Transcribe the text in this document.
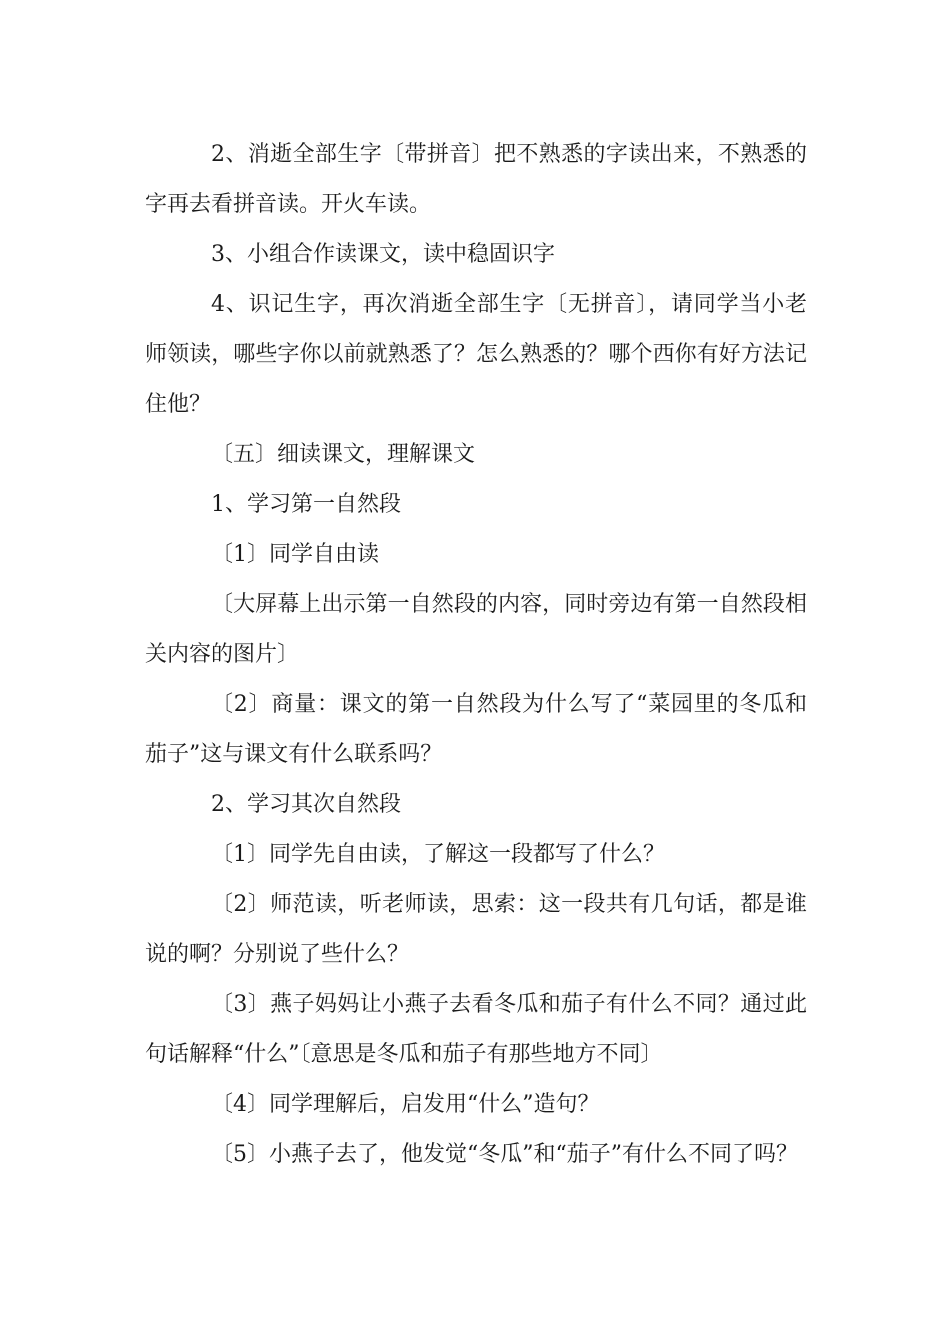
2、消逝全部生字〔带拼音〕把不熟悉的字读出来，不熟悉的字再去看拼音读。开火车读。

3、小组合作读课文，读中稳固识字

4、识记生字，再次消逝全部生字〔无拼音〕，请同学当小老师领读，哪些字你以前就熟悉了？怎么熟悉的？哪个西你有好方法记住他？

〔五〕细读课文，理解课文

1、学习第一自然段

〔1〕同学自由读

〔大屏幕上出示第一自然段的内容，同时旁边有第一自然段相关内容的图片〕

〔2〕商量：课文的第一自然段为什么写了“菜园里的冬瓜和茄子”这与课文有什么联系吗？

2、学习其次自然段

〔1〕同学先自由读，了解这一段都写了什么？

〔2〕师范读，听老师读，思索：这一段共有几句话，都是谁说的啊？分别说了些什么？

〔3〕燕子妈妈让小燕子去看冬瓜和茄子有什么不同？通过此句话解释“什么”〔意思是冬瓜和茄子有那些地方不同〕

〔4〕同学理解后，启发用“什么”造句？

〔5〕小燕子去了，他发觉“冬瓜”和“茄子”有什么不同了吗？
